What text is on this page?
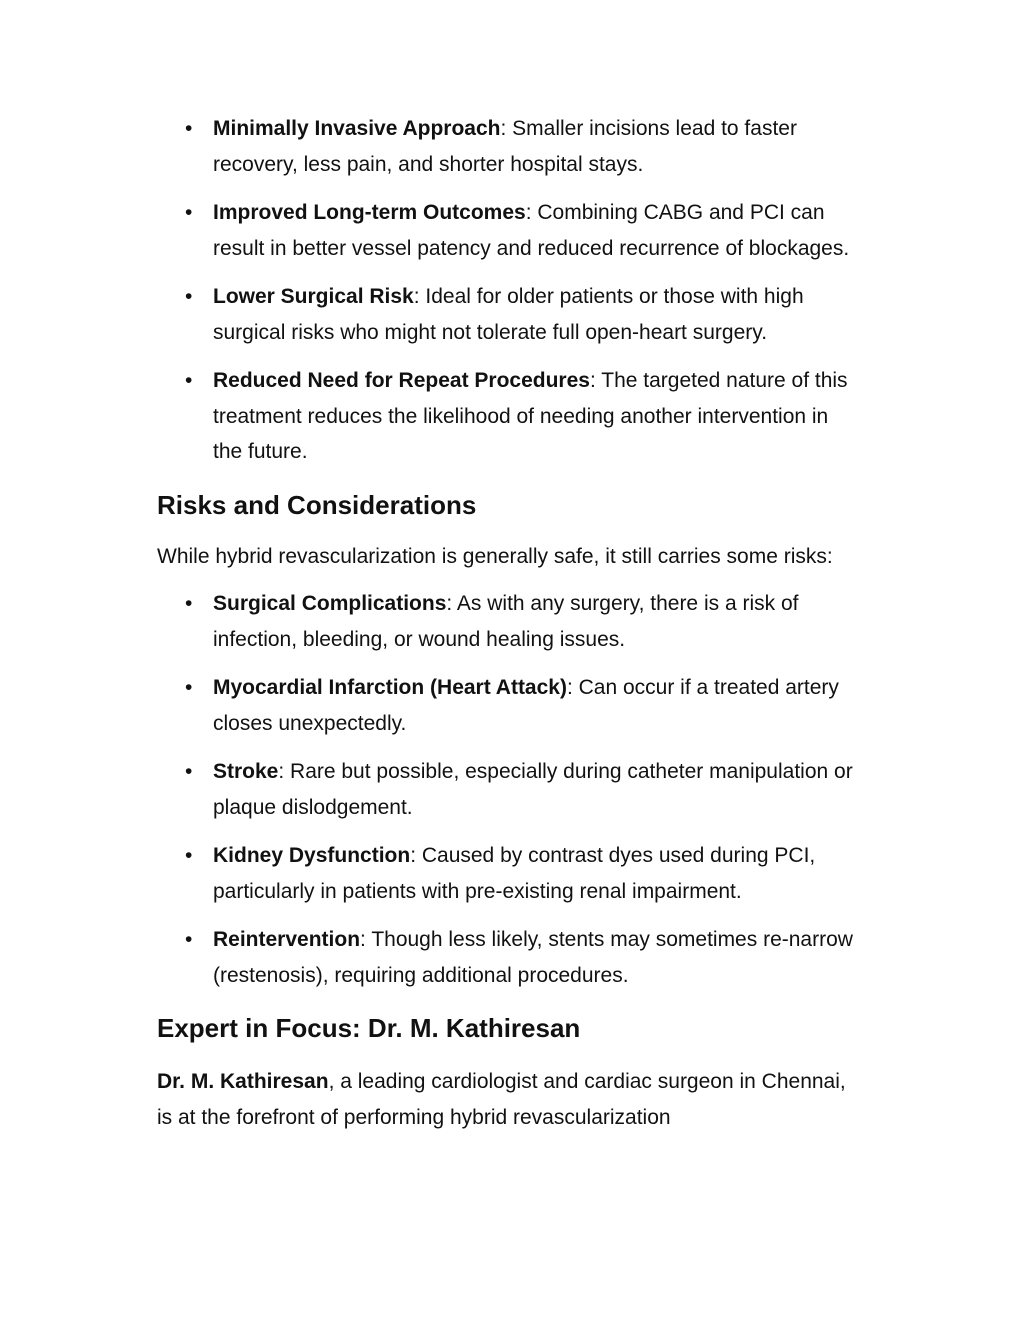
• Minimally Invasive Approach: Smaller incisions lead to faster recovery, less pain, and shorter hospital stays.
• Improved Long-term Outcomes: Combining CABG and PCI can result in better vessel patency and reduced recurrence of blockages.
• Lower Surgical Risk: Ideal for older patients or those with high surgical risks who might not tolerate full open-heart surgery.
• Reduced Need for Repeat Procedures: The targeted nature of this treatment reduces the likelihood of needing another intervention in the future.
Risks and Considerations

While hybrid revascularization is generally safe, it still carries some risks:

• Surgical Complications: As with any surgery, there is a risk of infection, bleeding, or wound healing issues.
• Myocardial Infarction (Heart Attack): Can occur if a treated artery closes unexpectedly.
• Stroke: Rare but possible, especially during catheter manipulation or plaque dislodgement.
• Kidney Dysfunction: Caused by contrast dyes used during PCI, particularly in patients with pre-existing renal impairment.
• Reintervention: Though less likely, stents may sometimes re-narrow (restenosis), requiring additional procedures.
Expert in Focus: Dr. M. Kathiresan

Dr. M. Kathiresan, a leading cardiologist and cardiac surgeon in Chennai, is at the forefront of performing hybrid revascularization
